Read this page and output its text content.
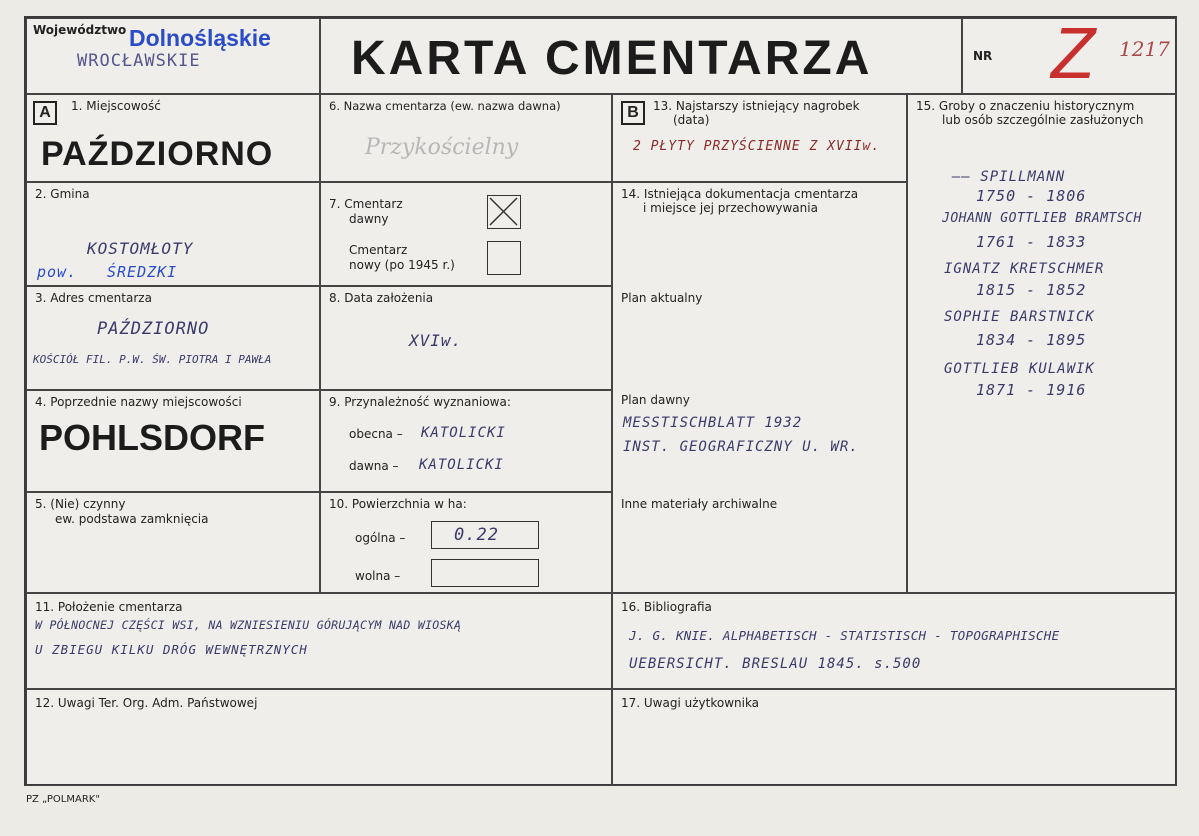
Województwo Dolnośląskie
WROCŁAWSKIE	KARTA CMENTARZA	NR Z 1217
A	1. Miejscowość
PAŹDZIORNO
6. Nazwa cmentarza (ew. nazwa dawna)
Przykościelny
B	13. Najstarszy istniejący nagrobek
(data)
2 PŁYTY PRZYŚCIENNE Z XVIIw.
15. Groby o znaczeniu historycznym
lub osób szczególnie zasłużonych
—— SPILLMANN
1750 - 1806
JOHANN GOTTLIEB BRAMTSCH
1761 - 1833
IGNATZ KRETSCHMER
1815 - 1852
SOPHIE BARSTNICK
1834 - 1895
GOTTLIEB KULAWIK
1871 - 1916
2. Gmina
KOSTOMŁOTY
pow. ŚREDZKI
7. Cmentarz
dawny
Cmentarz
nowy (po 1945 r.)
14. Istniejąca dokumentacja cmentarza
i miejsce jej przechowywania
Plan aktualny
Plan dawny
MESSTISCHBLATT 1932
INST. GEOGRAFICZNY U. WR.
Inne materiały archiwalne
3. Adres cmentarza
PAŹDZIORNO
KOŚCIÓŁ FIL. P.W. ŚW. PIOTRA I PAWŁA
8. Data założenia
XVIw.
4. Poprzednie nazwy miejscowości
POHLSDORF
9. Przynależność wyznaniowa:
obecna – KATOLICKI
dawna – KATOLICKI
5. (Nie) czynny
ew. podstawa zamknięcia
10. Powierzchnia w ha:
ogólna –	0.22
wolna –
11. Położenie cmentarza
W PÓŁNOCNEJ CZĘŚCI WSI, NA WZNIESIENIU GÓRUJĄCYM NAD WIOSKĄ
U ZBIEGU KILKU DRÓG WEWNĘTRZNYCH
16. Bibliografia
J. G. KNIE. ALPHABETISCH - STATISTISCH - TOPOGRAPHISCHE
UEBERSICHT. BRESLAU 1845. s.500
12. Uwagi Ter. Org. Adm. Państwowej	17. Uwagi użytkownika
PZ „POLMARK"
